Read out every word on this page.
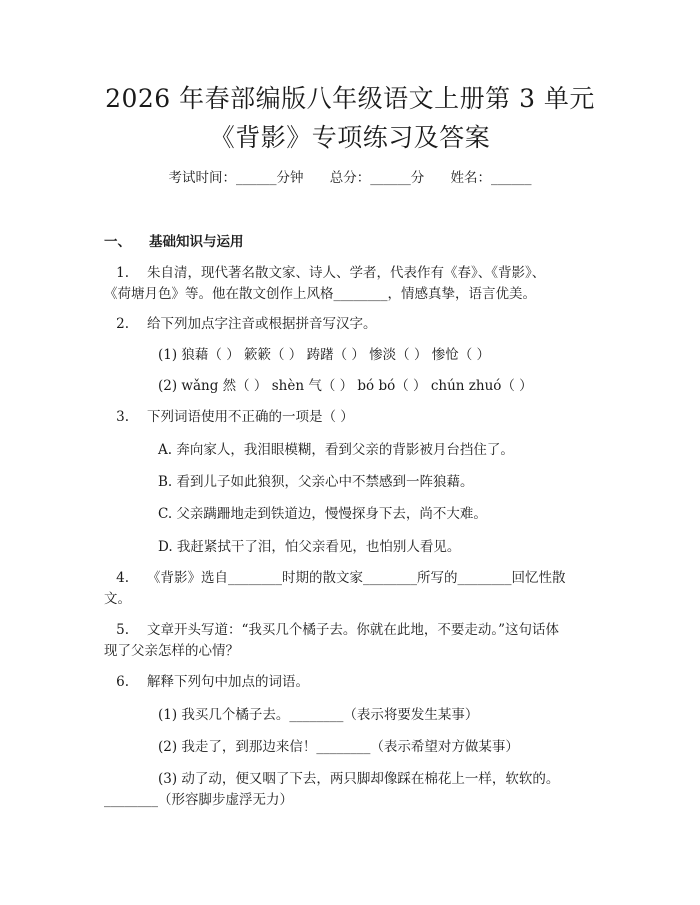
2026 年春部编版八年级语文上册第 3 单元
《背影》专项练习及答案
考试时间：______分钟 总分：______分 姓名：______
一、 基础知识与运用
1. 朱自清，现代著名散文家、诗人、学者，代表作有《春》、《背影》、
《荷塘月色》等。他在散文创作上风格________，情感真挚，语言优美。
2. 给下列加点字注音或根据拼音写汉字。
(1) 狼藉（ ） 簌簌（ ） 踌躇（ ） 惨淡（ ） 惨怆（ ）
(2) wǎng 然（ ） shèn 气（ ） bó bó（ ） chún zhuó（ ）
3. 下列词语使用不正确的一项是（ ）
A. 奔向家人，我泪眼模糊，看到父亲的背影被月台挡住了。
B. 看到儿子如此狼狈，父亲心中不禁感到一阵狼藉。
C. 父亲蹒跚地走到铁道边，慢慢探身下去，尚不大难。
D. 我赶紧拭干了泪，怕父亲看见，也怕别人看见。
4. 《背影》选自________时期的散文家________所写的________回忆性散
文。
5. 文章开头写道：“我买几个橘子去。你就在此地，不要走动。”这句话体
现了父亲怎样的心情？
6. 解释下列句中加点的词语。
(1) 我买几个橘子去。________（表示将要发生某事）
(2) 我走了，到那边来信！________（表示希望对方做某事）
(3) 动了动，便又咽了下去，两只脚却像踩在棉花上一样，软软的。
________（形容脚步虚浮无力）
